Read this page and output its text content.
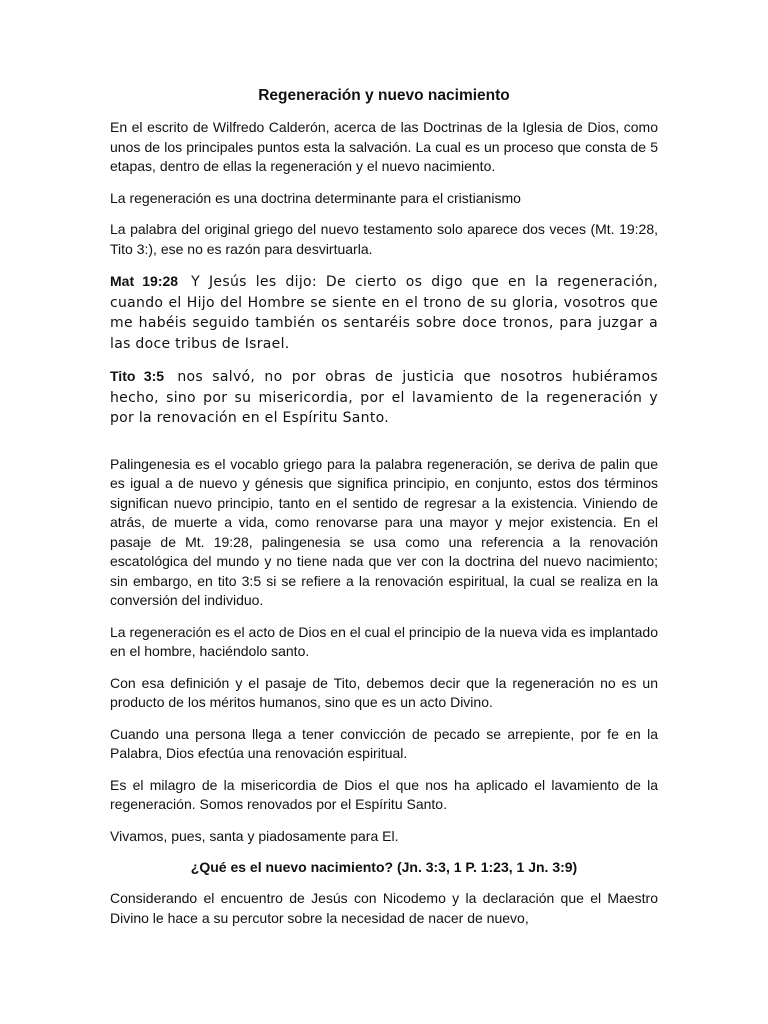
Regeneración y nuevo nacimiento

En el escrito de Wilfredo Calderón, acerca de las Doctrinas de la Iglesia de Dios, como unos de los principales puntos esta la salvación. La cual es un proceso que consta de 5 etapas, dentro de ellas la regeneración y el nuevo nacimiento.

La regeneración es una doctrina determinante para el cristianismo

La palabra del original griego del nuevo testamento solo aparece dos veces (Mt. 19:28, Tito 3:), ese no es razón para desvirtuarla.

Mat 19:28 Y Jesús les dijo: De cierto os digo que en la regeneración, cuando el Hijo del Hombre se siente en el trono de su gloria, vosotros que me habéis seguido también os sentaréis sobre doce tronos, para juzgar a las doce tribus de Israel.

Tito 3:5 nos salvó, no por obras de justicia que nosotros hubiéramos hecho, sino por su misericordia, por el lavamiento de la regeneración y por la renovación en el Espíritu Santo.

Palingenesia es el vocablo griego para la palabra regeneración, se deriva de palin que es igual a de nuevo y génesis que significa principio, en conjunto, estos dos términos significan nuevo principio, tanto en el sentido de regresar a la existencia. Viniendo de atrás, de muerte a vida, como renovarse para una mayor y mejor existencia. En el pasaje de Mt. 19:28, palingenesia se usa como una referencia a la renovación escatológica del mundo y no tiene nada que ver con la doctrina del nuevo nacimiento; sin embargo, en tito 3:5 si se refiere a la renovación espiritual, la cual se realiza en la conversión del individuo.

La regeneración es el acto de Dios en el cual el principio de la nueva vida es implantado en el hombre, haciéndolo santo.

Con esa definición y el pasaje de Tito, debemos decir que la regeneración no es un producto de los méritos humanos, sino que es un acto Divino.

Cuando una persona llega a tener convicción de pecado se arrepiente, por fe en la Palabra, Dios efectúa una renovación espiritual.

Es el milagro de la misericordia de Dios el que nos ha aplicado el lavamiento de la regeneración. Somos renovados por el Espíritu Santo.

Vivamos, pues, santa y piadosamente para El.

¿Qué es el nuevo nacimiento? (Jn. 3:3, 1 P. 1:23, 1 Jn. 3:9)

Considerando el encuentro de Jesús con Nicodemo y la declaración que el Maestro Divino le hace a su percutor sobre la necesidad de nacer de nuevo,
